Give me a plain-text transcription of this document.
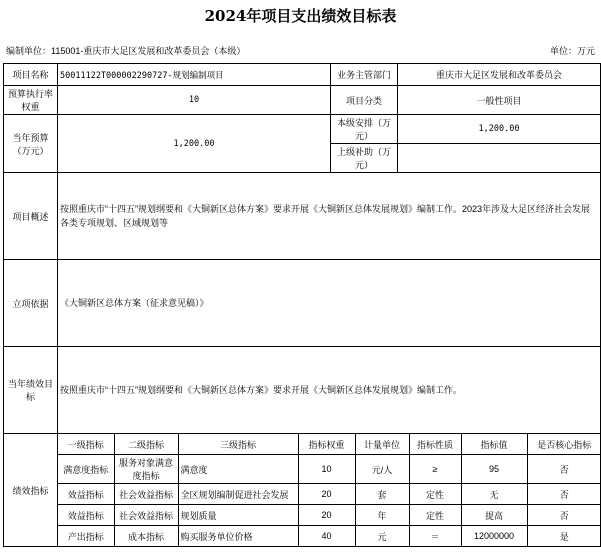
2024年项目支出绩效目标表
编制单位：115001-重庆市大足区发展和改革委员会（本级）	单位：万元
项目名称	50011122T000002290727-规划编制项目	业务主管部门	重庆市大足区发展和改革委员会
预算执行率权重	10	项目分类	一般性项目
当年预算（万元）	1,200.00	本级安排（万元）	1,200.00
上级补助（万元）	
项目概述	按照重庆市“十四五”规划纲要和《大铜新区总体方案》要求开展《大铜新区总体发展规划》编制工作。2023年涉及大足区经济社会发展各类专项规划、区域规划等
立项依据	《大铜新区总体方案（征求意见稿）》
当年绩效目标	按照重庆市“十四五”规划纲要和《大铜新区总体方案》要求开展《大铜新区总体发展规划》编制工作。
绩效指标	
一级指标	二级指标	三级指标	指标权重	计量单位	指标性质	指标值	是否核心指标
满意度指标	服务对象满意度指标	满意度	10	元/人	≥	95	否
效益指标	社会效益指标	全区规划编制促进社会发展	20	套	定性	无	否
效益指标	社会效益指标	规划质量	20	年	定性	提高	否
产出指标	成本指标	购买服务单位价格	40	元	＝	12000000	是
